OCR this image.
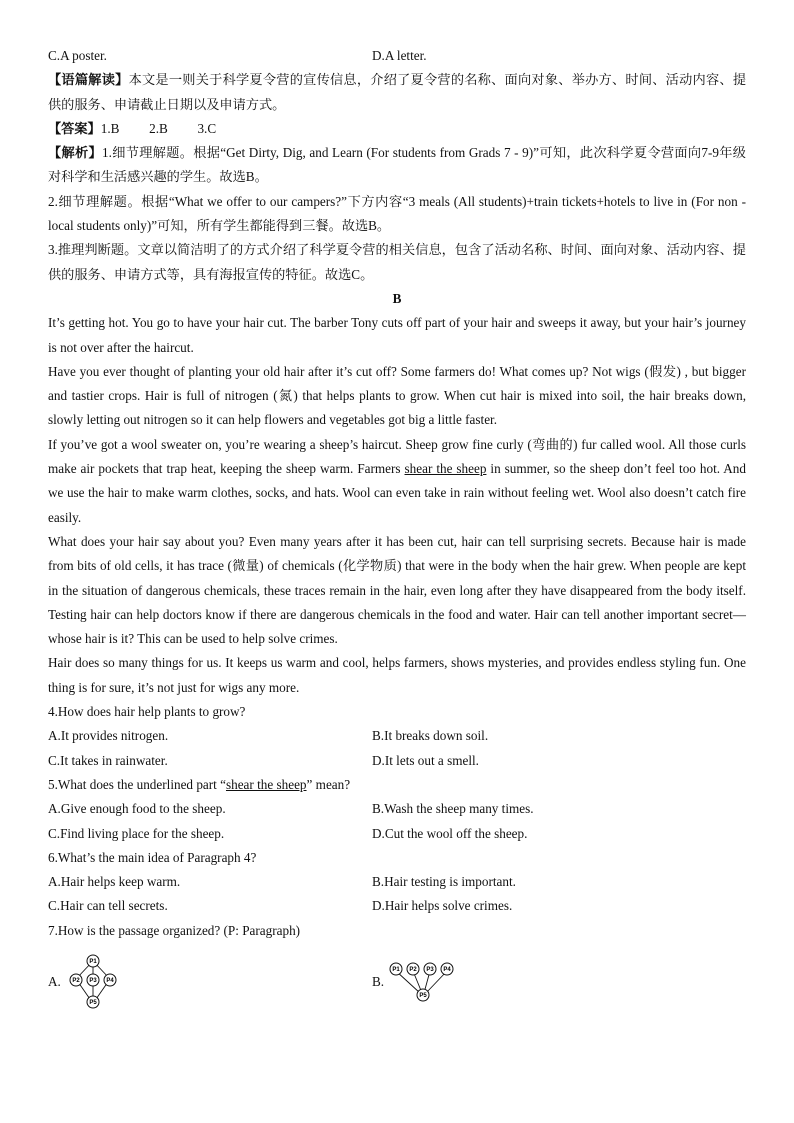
C.A poster.	D.A letter.
【语篇解读】本文是一则关于科学夏令营的宣传信息，介绍了夏令营的名称、面向对象、举办方、时间、活动内容、提供的服务、申请截止日期以及申请方式。
【答案】1.B 　　2.B 　　3.C
【解析】1.细节理解题。根据“Get Dirty, Dig, and Learn (For students from Grads 7 - 9)”可知，此次科学夏令营面向7-9年级对科学和生活感兴趣的学生。故选B。
2.细节理解题。根据“What we offer to our campers?”下方内容“3 meals (All students)+train tickets+hotels to live in (For non - local students only)”可知，所有学生都能得到三餐。故选B。
3.推理判断题。文章以简洁明了的方式介绍了科学夏令营的相关信息，包含了活动名称、时间、面向对象、活动内容、提供的服务、申请方式等，具有海报宣传的特征。故选C。
B
It’s getting hot. You go to have your hair cut. The barber Tony cuts off part of your hair and sweeps it away, but your hair’s journey is not over after the haircut.
Have you ever thought of planting your old hair after it’s cut off? Some farmers do! What comes up? Not wigs (假发) , but bigger and tastier crops. Hair is full of nitrogen (氮) that helps plants to grow. When cut hair is mixed into soil, the hair breaks down, slowly letting out nitrogen so it can help flowers and vegetables got big a little faster.
If you’ve got a wool sweater on, you’re wearing a sheep’s haircut. Sheep grow fine curly (弯曲的) fur called wool. All those curls make air pockets that trap heat, keeping the sheep warm. Farmers shear the sheep in summer, so the sheep don’t feel too hot. And we use the hair to make warm clothes, socks, and hats. Wool can even take in rain without feeling wet. Wool also doesn’t catch fire easily.
What does your hair say about you? Even many years after it has been cut, hair can tell surprising secrets. Because hair is made from bits of old cells, it has trace (微量) of chemicals (化学物质) that were in the body when the hair grew. When people are kept in the situation of dangerous chemicals, these traces remain in the hair, even long after they have disappeared from the body itself. Testing hair can help doctors know if there are dangerous chemicals in the food and water. Hair can tell another important secret—whose hair is it? This can be used to help solve crimes.
Hair does so many things for us. It keeps us warm and cool, helps farmers, shows mysteries, and provides endless styling fun. One thing is for sure, it’s not just for wigs any more.
4.How does hair help plants to grow?
A.It provides nitrogen.	B.It breaks down soil.
C.It takes in rainwater.	D.It lets out a smell.
5.What does the underlined part “shear the sheep” mean?
A.Give enough food to the sheep.	B.Wash the sheep many times.
C.Find living place for the sheep.	D.Cut the wool off the sheep.
6.What’s the main idea of Paragraph 4?
A.Hair helps keep warm.	B.Hair testing is important.
C.Hair can tell secrets.	D.Hair helps solve crimes.
7.How is the passage organized? (P: Paragraph)
A.
P1
P2 P3 P4
P5
B.
P1 P2 P3 P4
P5
